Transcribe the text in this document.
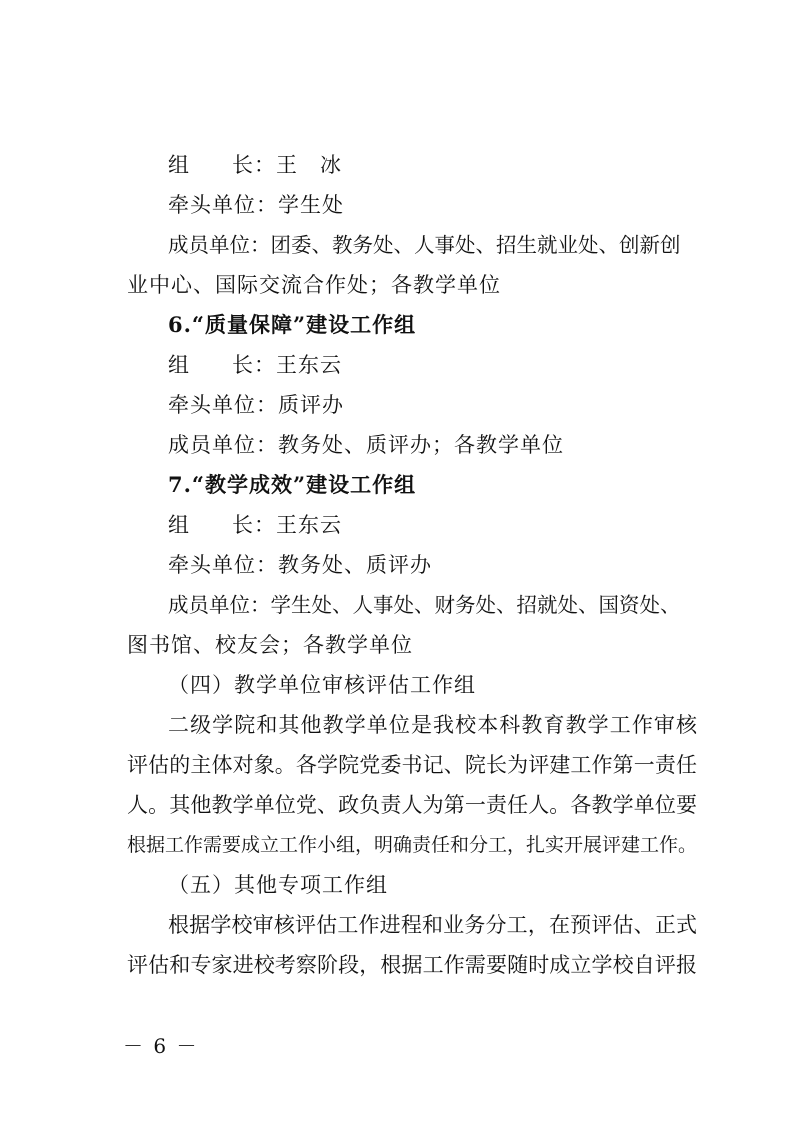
组 长：王　冰
牵头单位：学生处
成员单位：团委、教务处、人事处、招生就业处、创新创
业中心、国际交流合作处；各教学单位
6.“质量保障”建设工作组
组 长：王东云
牵头单位：质评办
成员单位：教务处、质评办；各教学单位
7.“教学成效”建设工作组
组 长：王东云
牵头单位：教务处、质评办
成员单位：学生处、人事处、财务处、招就处、国资处、
图书馆、校友会；各教学单位
（四）教学单位审核评估工作组
二级学院和其他教学单位是我校本科教育教学工作审核
评估的主体对象。各学院党委书记、院长为评建工作第一责任
人。其他教学单位党、政负责人为第一责任人。各教学单位要
根据工作需要成立工作小组，明确责任和分工，扎实开展评建工作。
（五）其他专项工作组
根据学校审核评估工作进程和业务分工，在预评估、正式
评估和专家进校考察阶段，根据工作需要随时成立学校自评报
－ 6 －
